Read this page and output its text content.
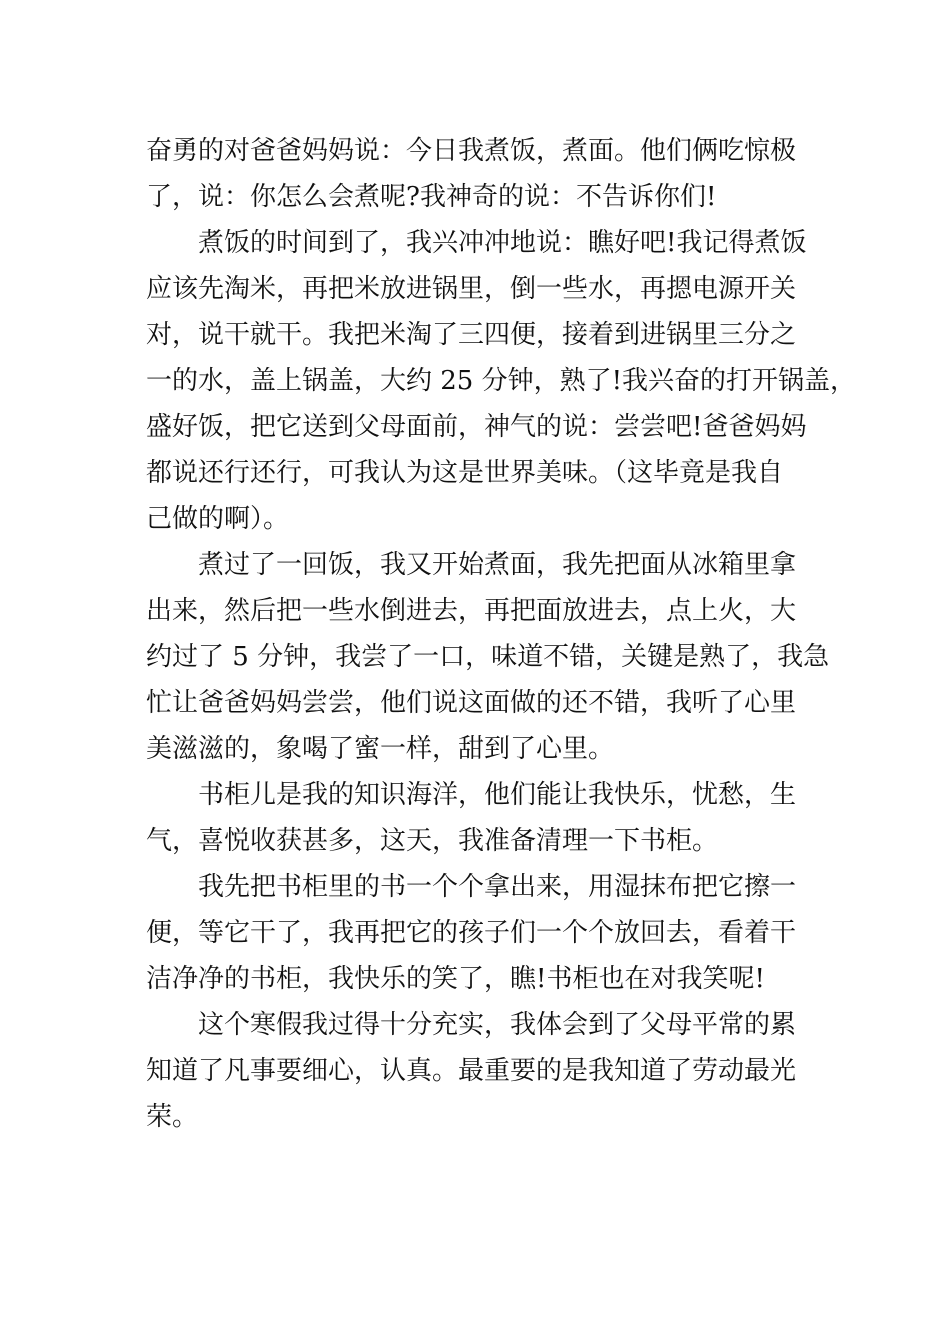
奋勇的对爸爸妈妈说：今日我煮饭，煮面。他们俩吃惊极
了，说：你怎么会煮呢?我神奇的说：不告诉你们!
煮饭的时间到了，我兴冲冲地说：瞧好吧!我记得煮饭
应该先淘米，再把米放进锅里，倒一些水，再摁电源开关
对，说干就干。我把米淘了三四便，接着到进锅里三分之
一的水，盖上锅盖，大约 25 分钟，熟了!我兴奋的打开锅盖，
盛好饭，把它送到父母面前，神气的说：尝尝吧!爸爸妈妈
都说还行还行，可我认为这是世界美味。（这毕竟是我自
己做的啊）。
煮过了一回饭，我又开始煮面，我先把面从冰箱里拿
出来，然后把一些水倒进去，再把面放进去，点上火，大
约过了 5 分钟，我尝了一口，味道不错，关键是熟了，我急
忙让爸爸妈妈尝尝，他们说这面做的还不错，我听了心里
美滋滋的，象喝了蜜一样，甜到了心里。
书柜儿是我的知识海洋，他们能让我快乐，忧愁，生
气，喜悦收获甚多，这天，我准备清理一下书柜。
我先把书柜里的书一个个拿出来，用湿抹布把它擦一
便，等它干了，我再把它的孩子们一个个放回去，看着干
洁净净的书柜，我快乐的笑了，瞧!书柜也在对我笑呢!
这个寒假我过得十分充实，我体会到了父母平常的累
知道了凡事要细心，认真。最重要的是我知道了劳动最光
荣。
